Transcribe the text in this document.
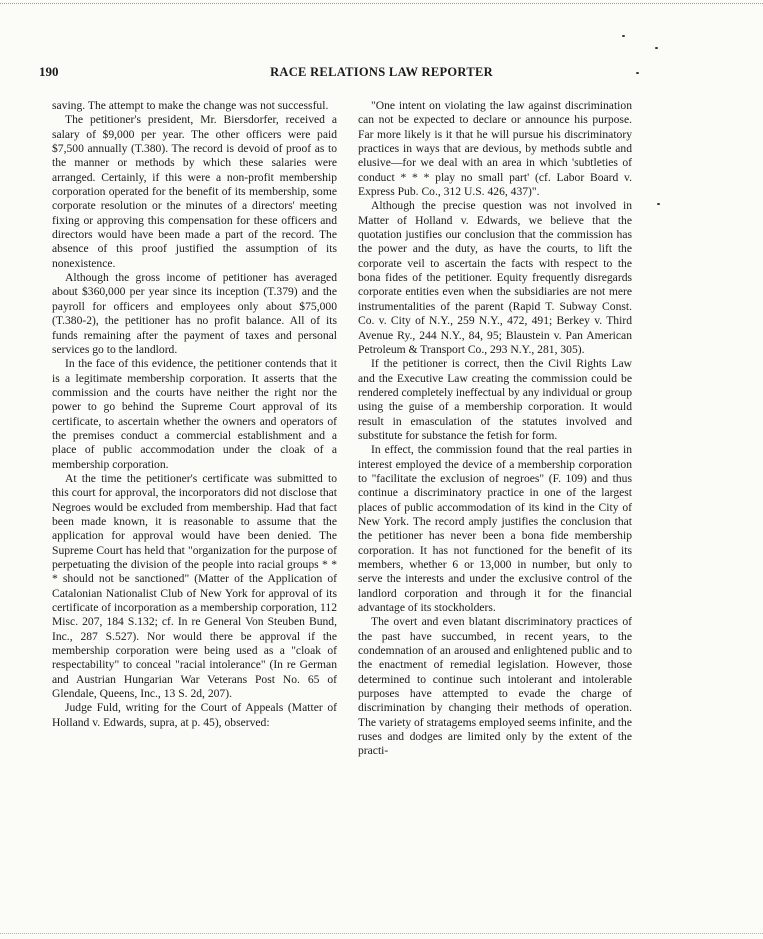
190	RACE RELATIONS LAW REPORTER

saving. The attempt to make the change was not successful.

The petitioner's president, Mr. Biersdorfer, received a salary of $9,000 per year. The other officers were paid $7,500 annually (T.380). The record is devoid of proof as to the manner or methods by which these salaries were arranged. Certainly, if this were a non-profit membership corporation operated for the benefit of its membership, some corporate resolution or the minutes of a directors' meeting fixing or approving this compensation for these officers and directors would have been made a part of the record. The absence of this proof justified the assumption of its nonexistence.

Although the gross income of petitioner has averaged about $360,000 per year since its inception (T.379) and the payroll for officers and employees only about $75,000 (T.380-2), the petitioner has no profit balance. All of its funds remaining after the payment of taxes and personal services go to the landlord.

In the face of this evidence, the petitioner contends that it is a legitimate membership corporation. It asserts that the commission and the courts have neither the right nor the power to go behind the Supreme Court approval of its certificate, to ascertain whether the owners and operators of the premises conduct a commercial establishment and a place of public accommodation under the cloak of a membership corporation.

At the time the petitioner's certificate was submitted to this court for approval, the incorporators did not disclose that Negroes would be excluded from membership. Had that fact been made known, it is reasonable to assume that the application for approval would have been denied. The Supreme Court has held that "organization for the purpose of perpetuating the division of the people into racial groups * * * should not be sanctioned" (Matter of the Application of Catalonian Nationalist Club of New York for approval of its certificate of incorporation as a membership corporation, 112 Misc. 207, 184 S.132; cf. In re General Von Steuben Bund, Inc., 287 S.527). Nor would there be approval if the membership corporation were being used as a "cloak of respectability" to conceal "racial intolerance" (In re German and Austrian Hungarian War Veterans Post No. 65 of Glendale, Queens, Inc., 13 S. 2d, 207).

Judge Fuld, writing for the Court of Appeals (Matter of Holland v. Edwards, supra, at p. 45), observed:

"One intent on violating the law against discrimination can not be expected to declare or announce his purpose. Far more likely is it that he will pursue his discriminatory practices in ways that are devious, by methods subtle and elusive—for we deal with an area in which 'subtleties of conduct * * * play no small part' (cf. Labor Board v. Express Pub. Co., 312 U.S. 426, 437)".

Although the precise question was not involved in Matter of Holland v. Edwards, we believe that the quotation justifies our conclusion that the commission has the power and the duty, as have the courts, to lift the corporate veil to ascertain the facts with respect to the bona fides of the petitioner. Equity frequently disregards corporate entities even when the subsidiaries are not mere instrumentalities of the parent (Rapid T. Subway Const. Co. v. City of N.Y., 259 N.Y., 472, 491; Berkey v. Third Avenue Ry., 244 N.Y., 84, 95; Blaustein v. Pan American Petroleum & Transport Co., 293 N.Y., 281, 305).

If the petitioner is correct, then the Civil Rights Law and the Executive Law creating the commission could be rendered completely ineffectual by any individual or group using the guise of a membership corporation. It would result in emasculation of the statutes involved and substitute for substance the fetish for form.

In effect, the commission found that the real parties in interest employed the device of a membership corporation to "facilitate the exclusion of negroes" (F. 109) and thus continue a discriminatory practice in one of the largest places of public accommodation of its kind in the City of New York. The record amply justifies the conclusion that the petitioner has never been a bona fide membership corporation. It has not functioned for the benefit of its members, whether 6 or 13,000 in number, but only to serve the interests and under the exclusive control of the landlord corporation and through it for the financial advantage of its stockholders.

The overt and even blatant discriminatory practices of the past have succumbed, in recent years, to the condemnation of an aroused and enlightened public and to the enactment of remedial legislation. However, those determined to continue such intolerant and intolerable purposes have attempted to evade the charge of discrimination by changing their methods of operation. The variety of stratagems employed seems infinite, and the ruses and dodges are limited only by the extent of the practi-
